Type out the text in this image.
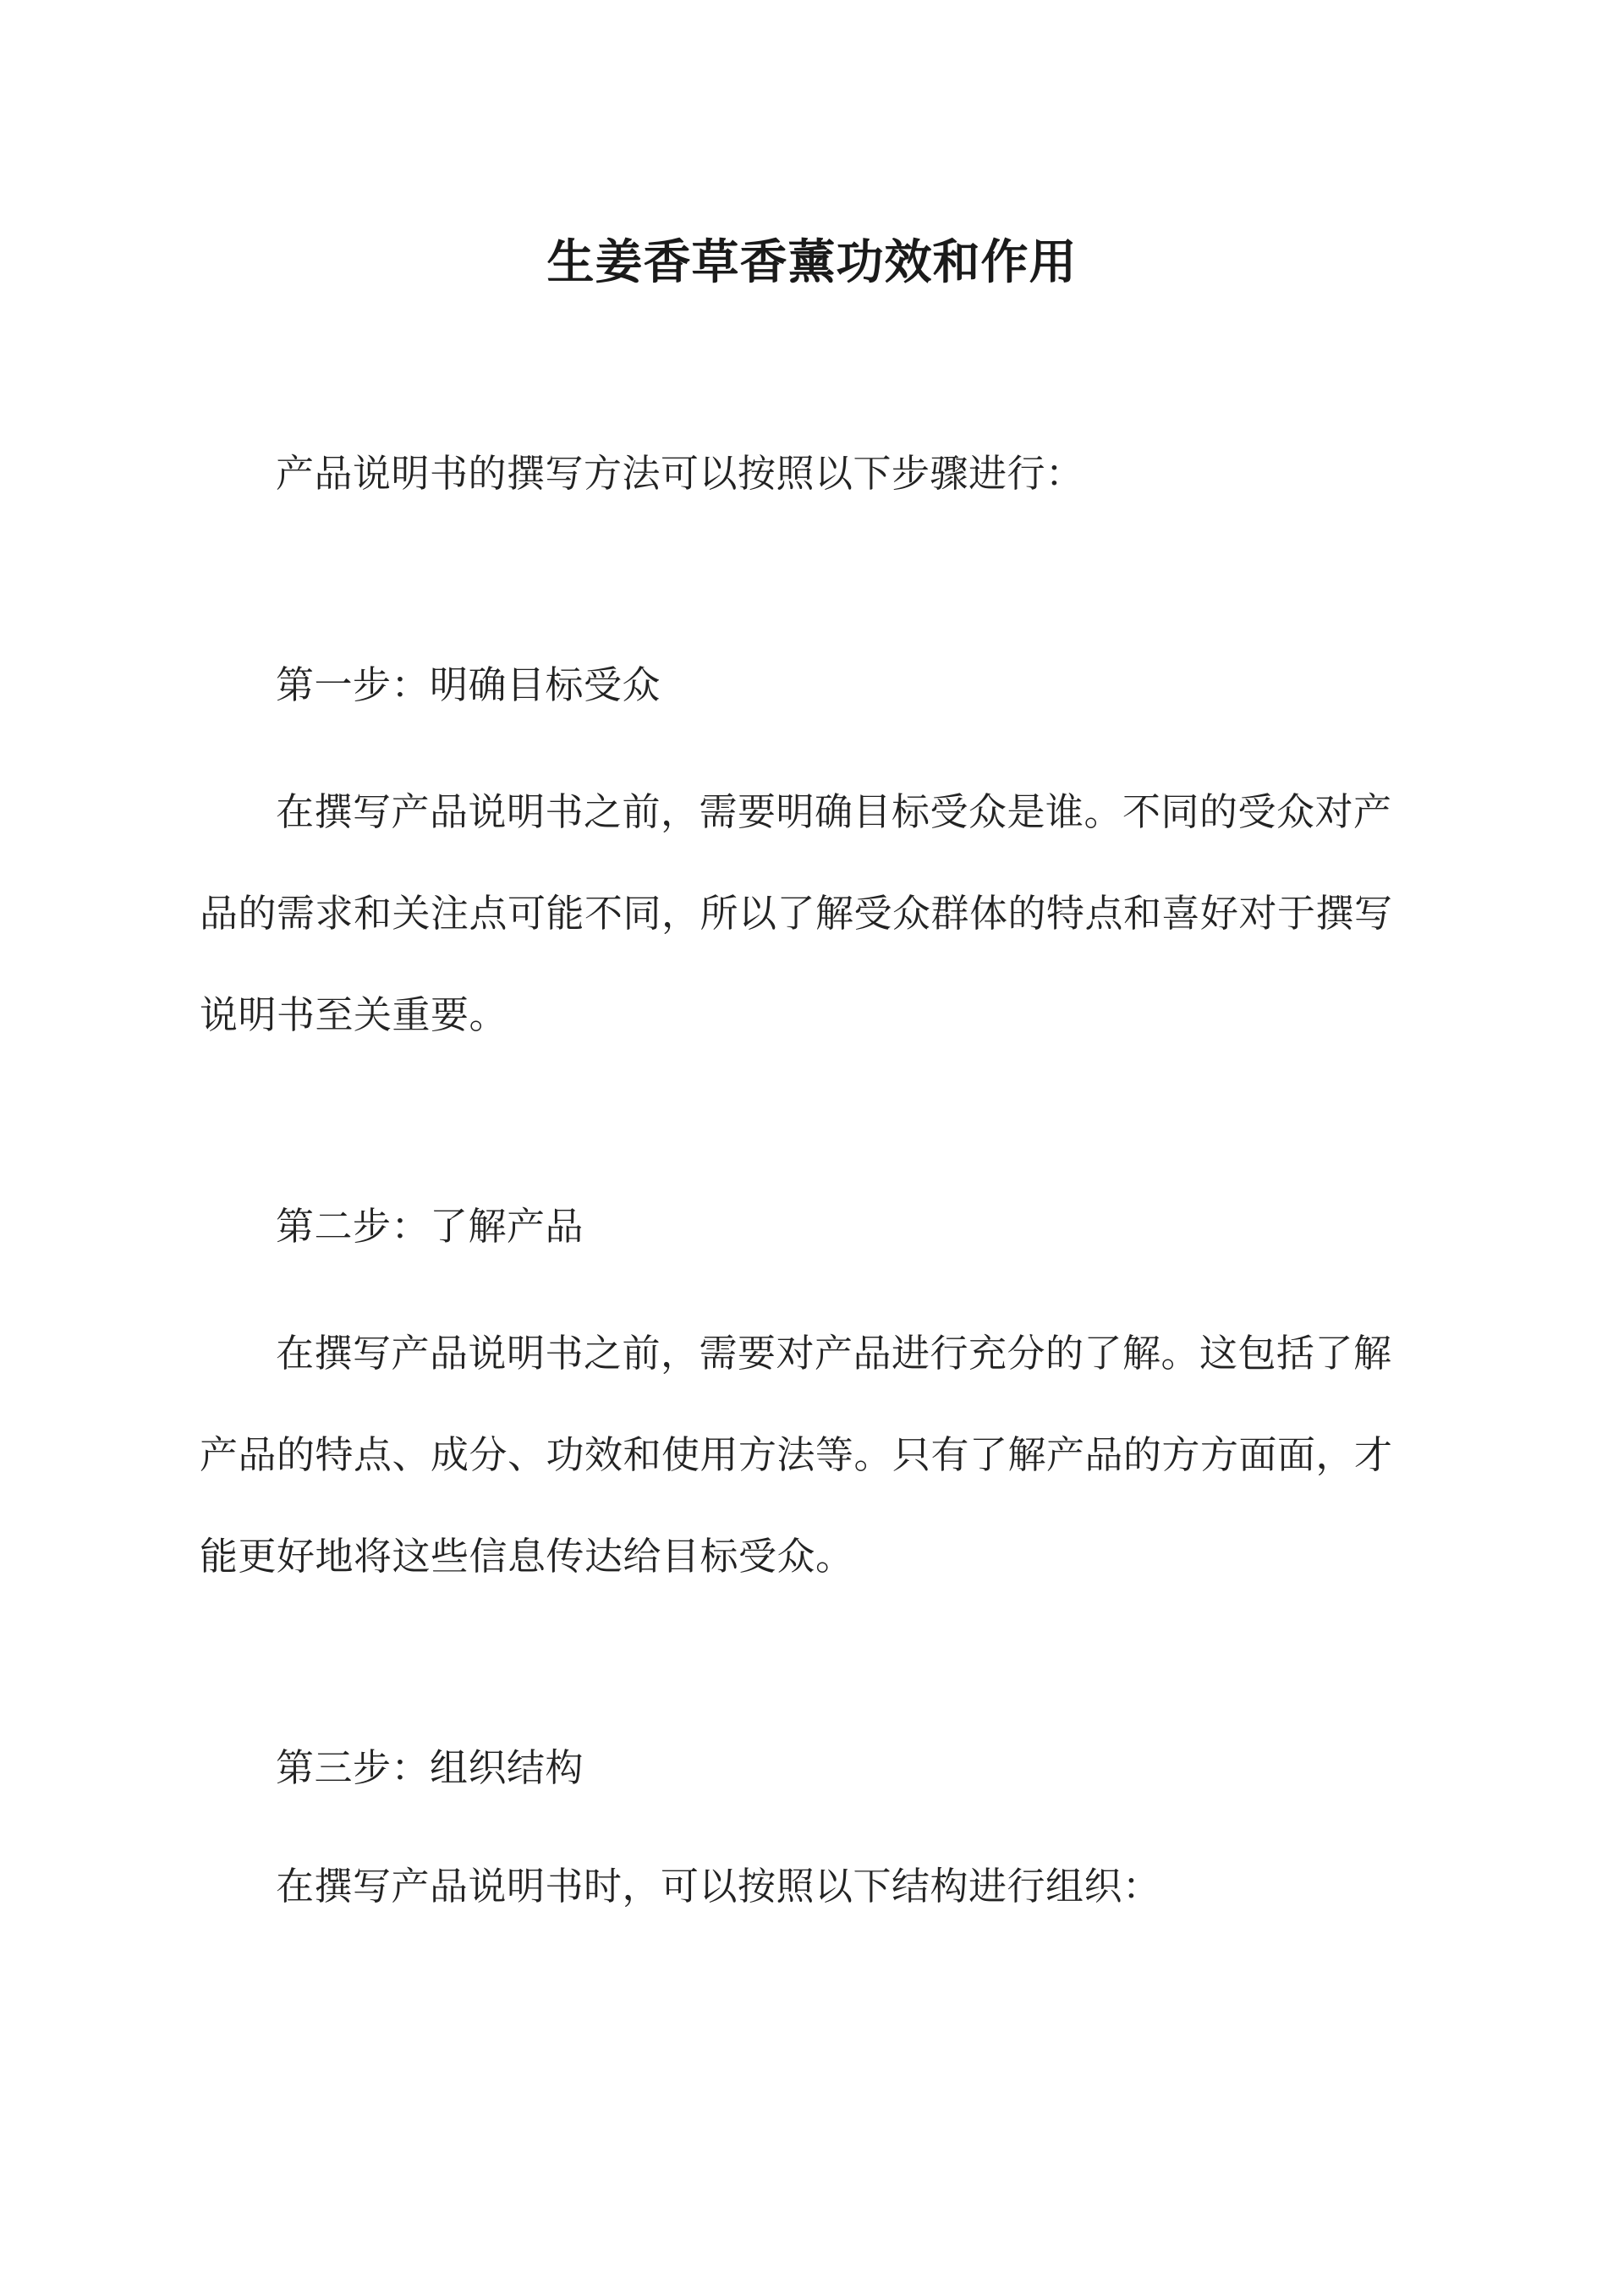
生姜香草香薰功效和作用

产品说明书的撰写方法可以按照以下步骤进行：

第一步：明确目标受众

在撰写产品说明书之前，需要明确目标受众是谁。不同的受众对产品的需求和关注点可能不同，所以了解受众群体的特点和喜好对于撰写说明书至关重要。

第二步：了解产品

在撰写产品说明书之前，需要对产品进行充分的了解。这包括了解产品的特点、成分、功效和使用方法等。只有了解产品的方方面面，才能更好地将这些信息传达给目标受众。

第三步：组织结构

在撰写产品说明书时，可以按照以下结构进行组织：
